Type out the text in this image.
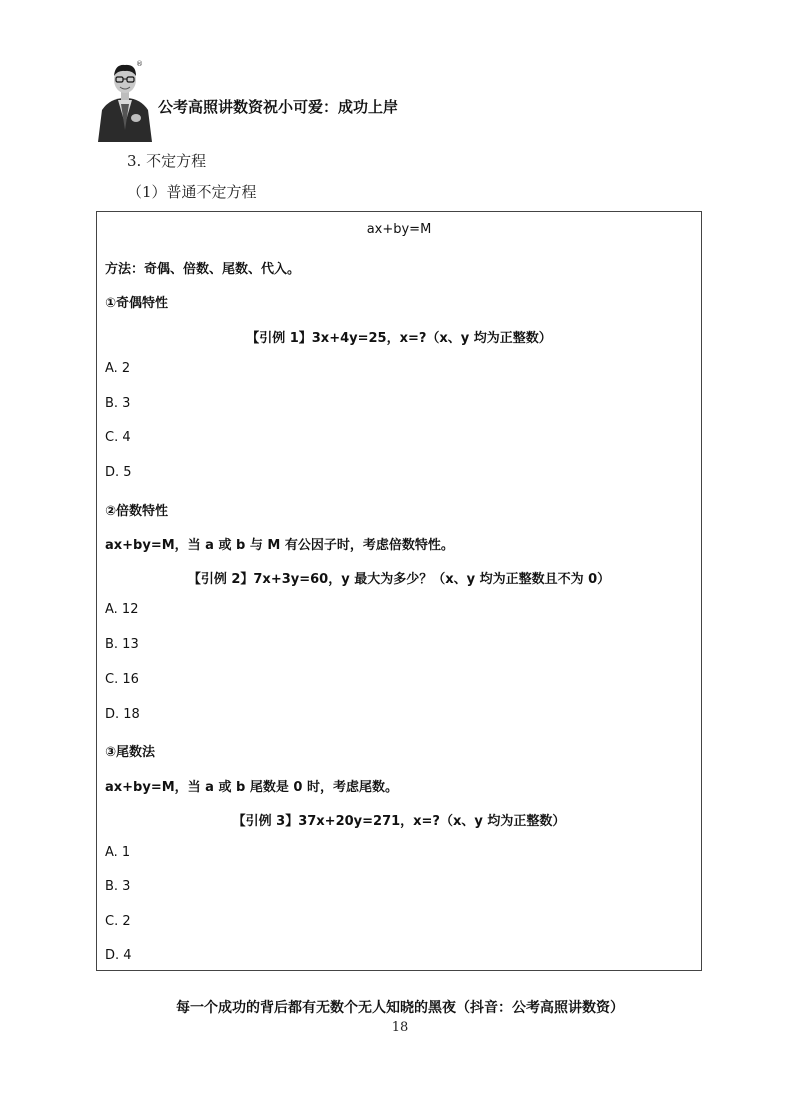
®
公考高照讲数资祝小可爱：成功上岸
3. 不定方程
（1）普通不定方程
ax+by=M
方法：奇偶、倍数、尾数、代入。
①奇偶特性
【引例 1】3x+4y=25，x=?（x、y 均为正整数）
A. 2
B. 3
C. 4
D. 5
②倍数特性
ax+by=M，当 a 或 b 与 M 有公因子时，考虑倍数特性。
【引例 2】7x+3y=60，y 最大为多少？（x、y 均为正整数且不为 0）
A. 12
B. 13
C. 16
D. 18
③尾数法
ax+by=M，当 a 或 b 尾数是 0 时，考虑尾数。
【引例 3】37x+20y=271，x=?（x、y 均为正整数）
A. 1
B. 3
C. 2
D. 4
每一个成功的背后都有无数个无人知晓的黑夜（抖音：公考高照讲数资）
18
